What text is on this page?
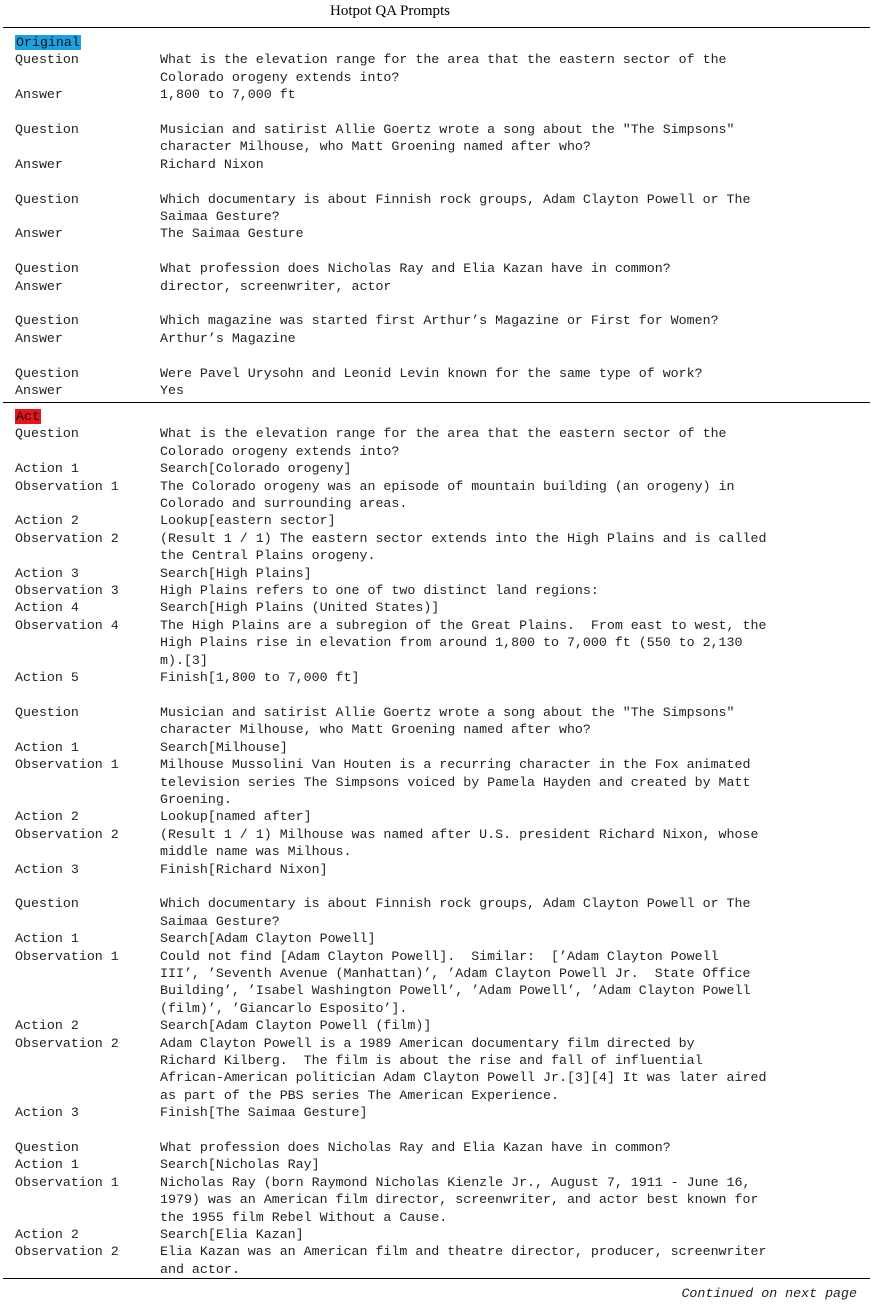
Hotpot QA Prompts
Original
Question	What is the elevation range for the area that the eastern sector of the
Colorado orogeny extends into?
Answer	1,800 to 7,000 ft
Question	Musician and satirist Allie Goertz wrote a song about the "The Simpsons"
character Milhouse, who Matt Groening named after who?
Answer	Richard Nixon
Question	Which documentary is about Finnish rock groups, Adam Clayton Powell or The
Saimaa Gesture?
Answer	The Saimaa Gesture
Question	What profession does Nicholas Ray and Elia Kazan have in common?
Answer	director, screenwriter, actor
Question	Which magazine was started first Arthur’s Magazine or First for Women?
Answer	Arthur’s Magazine
Question	Were Pavel Urysohn and Leonid Levin known for the same type of work?
Answer	Yes
Act
Question	What is the elevation range for the area that the eastern sector of the
Colorado orogeny extends into?
Action 1	Search[Colorado orogeny]
Observation 1	The Colorado orogeny was an episode of mountain building (an orogeny) in
Colorado and surrounding areas.
Action 2	Lookup[eastern sector]
Observation 2	(Result 1 / 1) The eastern sector extends into the High Plains and is called
the Central Plains orogeny.
Action 3	Search[High Plains]
Observation 3	High Plains refers to one of two distinct land regions:
Action 4	Search[High Plains (United States)]
Observation 4	The High Plains are a subregion of the Great Plains.  From east to west, the
High Plains rise in elevation from around 1,800 to 7,000 ft (550 to 2,130
m).[3]
Action 5	Finish[1,800 to 7,000 ft]
Question	Musician and satirist Allie Goertz wrote a song about the "The Simpsons"
character Milhouse, who Matt Groening named after who?
Action 1	Search[Milhouse]
Observation 1	Milhouse Mussolini Van Houten is a recurring character in the Fox animated
television series The Simpsons voiced by Pamela Hayden and created by Matt
Groening.
Action 2	Lookup[named after]
Observation 2	(Result 1 / 1) Milhouse was named after U.S. president Richard Nixon, whose
middle name was Milhous.
Action 3	Finish[Richard Nixon]
Question	Which documentary is about Finnish rock groups, Adam Clayton Powell or The
Saimaa Gesture?
Action 1	Search[Adam Clayton Powell]
Observation 1	Could not find [Adam Clayton Powell].  Similar:  [’Adam Clayton Powell
III’, ’Seventh Avenue (Manhattan)’, ’Adam Clayton Powell Jr.  State Office
Building’, ’Isabel Washington Powell’, ’Adam Powell’, ’Adam Clayton Powell
(film)’, ’Giancarlo Esposito’].
Action 2	Search[Adam Clayton Powell (film)]
Observation 2	Adam Clayton Powell is a 1989 American documentary film directed by
Richard Kilberg.  The film is about the rise and fall of influential
African-American politician Adam Clayton Powell Jr.[3][4] It was later aired
as part of the PBS series The American Experience.
Action 3	Finish[The Saimaa Gesture]
Question	What profession does Nicholas Ray and Elia Kazan have in common?
Action 1	Search[Nicholas Ray]
Observation 1	Nicholas Ray (born Raymond Nicholas Kienzle Jr., August 7, 1911 - June 16,
1979) was an American film director, screenwriter, and actor best known for
the 1955 film Rebel Without a Cause.
Action 2	Search[Elia Kazan]
Observation 2	Elia Kazan was an American film and theatre director, producer, screenwriter
and actor.
Continued on next page
